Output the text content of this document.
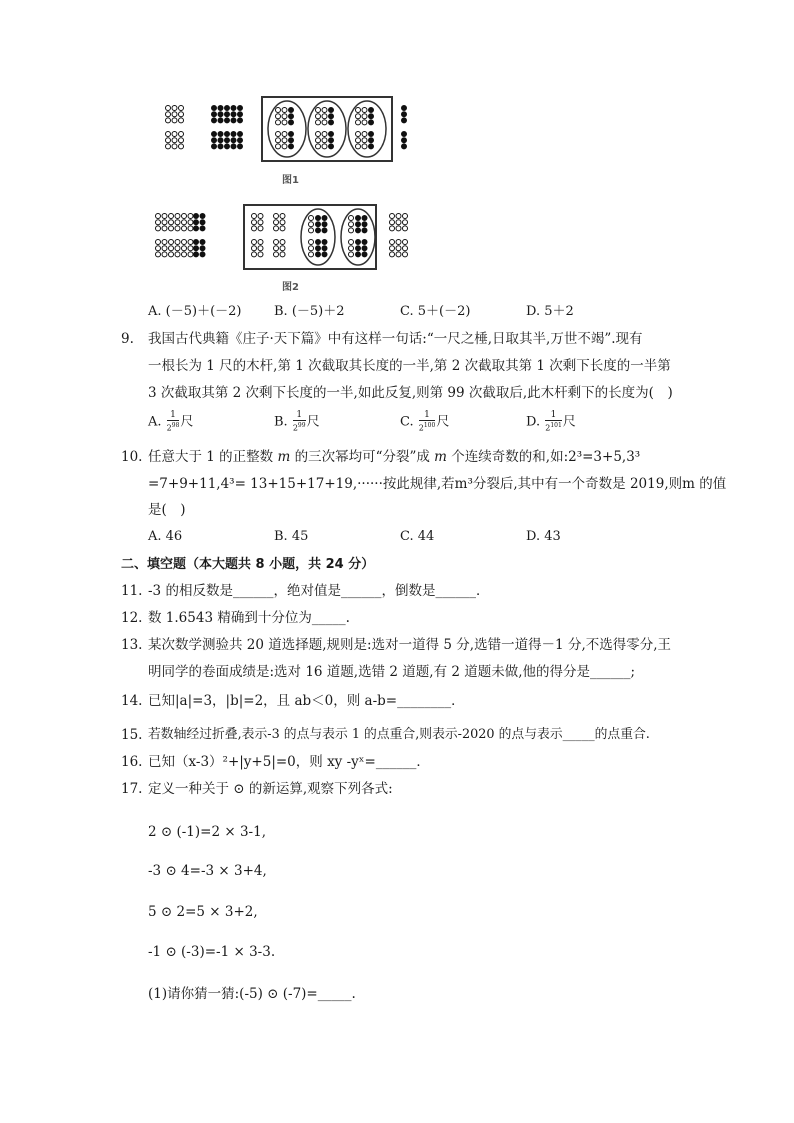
图1
图2
A. (－5)＋(－2)	B. (－5)＋2	C. 5＋(－2)	D. 5＋2
9. 我国古代典籍《庄子·天下篇》中有这样一句话:“一尺之棰,日取其半,万世不竭”.现有
一根长为 1 尺的木杆,第 1 次截取其长度的一半,第 2 次截取其第 1 次剩下长度的一半第
3 次截取其第 2 次剩下长度的一半,如此反复,则第 99 次截取后,此木杆剩下的长度为(　)
A. $\frac{1}{2^{98}}$ 尺	B. $\frac{1}{2^{99}}$ 尺	C. $\frac{1}{2^{100}}$ 尺	D. $\frac{1}{2^{101}}$ 尺
10. 任意大于 1 的正整数 m 的三次幂均可“分裂”成 m 个连续奇数的和,如:2³=3+5,3³
=7+9+11,4³= 13+15+17+19,······按此规律,若m³分裂后,其中有一个奇数是 2019,则m 的值
是(　)
A. 46	B. 45	C. 44	D. 43
二、填空题（本大题共 8 小题，共 24 分）
11. -3 的相反数是______，绝对值是______，倒数是______．
12. 数 1.6543 精确到十分位为_____.
13. 某次数学测验共 20 道选择题,规则是:选对一道得 5 分,选错一道得－1 分,不选得零分,王
明同学的卷面成绩是:选对 16 道题,选错 2 道题,有 2 道题未做,他的得分是______;
14. 已知|a|=3，|b|=2，且 ab＜0，则 a-b=________．
15. 若数轴经过折叠,表示-3 的点与表示 1 的点重合,则表示-2020 的点与表示_____的点重合.
16. 已知（x-3）²+|y+5|=0，则 xy -yˣ=______．
17. 定义一种关于 ⊙ 的新运算,观察下列各式:
2 ⊙ (-1)=2 × 3-1,
-3 ⊙ 4=-3 × 3+4,
5 ⊙ 2=5 × 3+2,
-1 ⊙ (-3)=-1 × 3-3.
(1)请你猜一猜:(-5) ⊙ (-7)=_____.
